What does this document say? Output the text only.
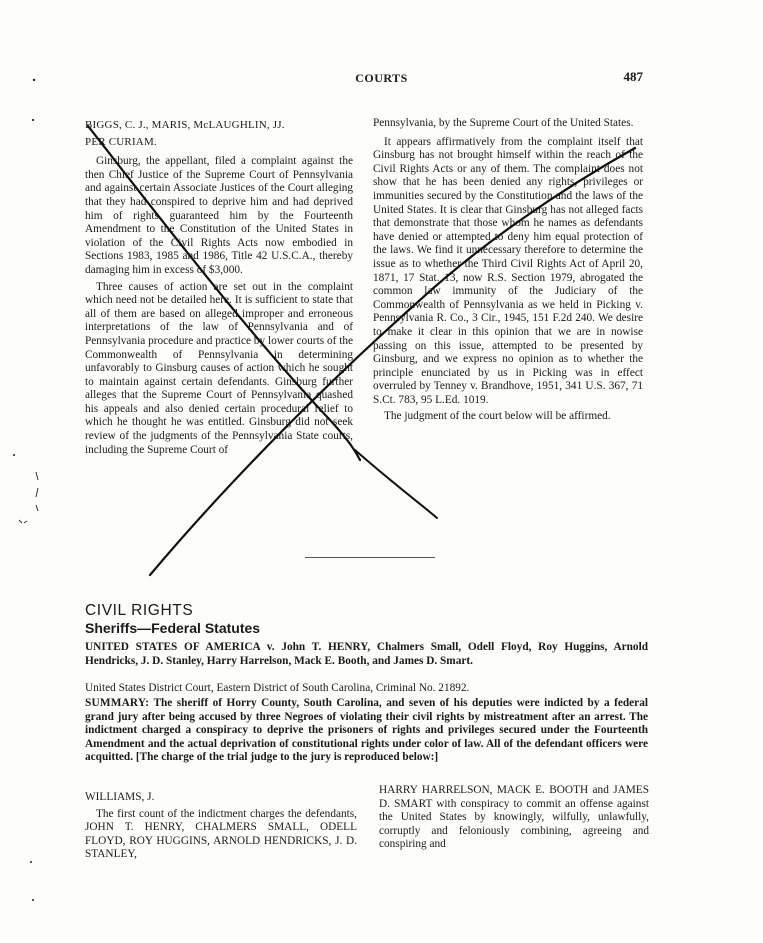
COURTS	487

BIGGS, C. J., MARIS, McLAUGHLIN, JJ.

PER CURIAM.

Ginsburg, the appellant, filed a complaint against the then Chief Justice of the Supreme Court of Pennsylvania and against certain Associate Justices of the Court alleging that they had conspired to deprive him and had deprived him of rights guaranteed him by the Fourteenth Amendment to the Constitution of the United States in violation of the Civil Rights Acts now embodied in Sections 1983, 1985 and 1986, Title 42 U.S.C.A., thereby damaging him in excess of $3,000.

Three causes of action are set out in the complaint which need not be detailed here. It is sufficient to state that all of them are based on alleged improper and erroneous interpretations of the law of Pennsylvania and of Pennsylvania procedure and practice by lower courts of the Commonwealth of Pennsylvania in determining unfavorably to Ginsburg causes of action which he sought to maintain against certain defendants. Ginsburg further alleges that the Supreme Court of Pennsylvania quashed his appeals and also denied certain procedural relief to which he thought he was entitled. Ginsburg did not seek review of the judgments of the Pennsylvania State courts, including the Supreme Court of

Pennsylvania, by the Supreme Court of the United States.

It appears affirmatively from the complaint itself that Ginsburg has not brought himself within the reach of the Civil Rights Acts or any of them. The complaint does not show that he has been denied any rights, privileges or immunities secured by the Constitution and the laws of the United States. It is clear that Ginsburg has not alleged facts that demonstrate that those whom he names as defendants have denied or attempted to deny him equal protection of the laws. We find it unnecessary therefore to determine the issue as to whether the Third Civil Rights Act of April 20, 1871, 17 Stat. 13, now R.S. Section 1979, abrogated the common law immunity of the Judiciary of the Commonwealth of Pennsylvania as we held in Picking v. Pennsylvania R. Co., 3 Cir., 1945, 151 F.2d 240. We desire to make it clear in this opinion that we are in nowise passing on this issue, attempted to be presented by Ginsburg, and we express no opinion as to whether the principle enunciated by us in Picking was in effect overruled by Tenney v. Brandhove, 1951, 341 U.S. 367, 71 S.Ct. 783, 95 L.Ed. 1019.

The judgment of the court below will be affirmed.

CIVIL RIGHTS
Sheriffs—Federal Statutes
UNITED STATES OF AMERICA v. John T. HENRY, Chalmers Small, Odell Floyd, Roy Huggins, Arnold Hendricks, J. D. Stanley, Harry Harrelson, Mack E. Booth, and James D. Smart.
United States District Court, Eastern District of South Carolina, Criminal No. 21892.
SUMMARY: The sheriff of Horry County, South Carolina, and seven of his deputies were indicted by a federal grand jury after being accused by three Negroes of violating their civil rights by mistreatment after an arrest. The indictment charged a conspiracy to deprive the prisoners of rights and privileges secured under the Fourteenth Amendment and the actual deprivation of constitutional rights under color of law. All of the defendant officers were acquitted. [The charge of the trial judge to the jury is reproduced below:]

WILLIAMS, J.

The first count of the indictment charges the defendants, JOHN T. HENRY, CHALMERS SMALL, ODELL FLOYD, ROY HUGGINS, ARNOLD HENDRICKS, J. D. STANLEY,

HARRY HARRELSON, MACK E. BOOTH and JAMES D. SMART with conspiracy to commit an offense against the United States by knowingly, wilfully, unlawfully, corruptly and feloniously combining, agreeing and conspiring and
